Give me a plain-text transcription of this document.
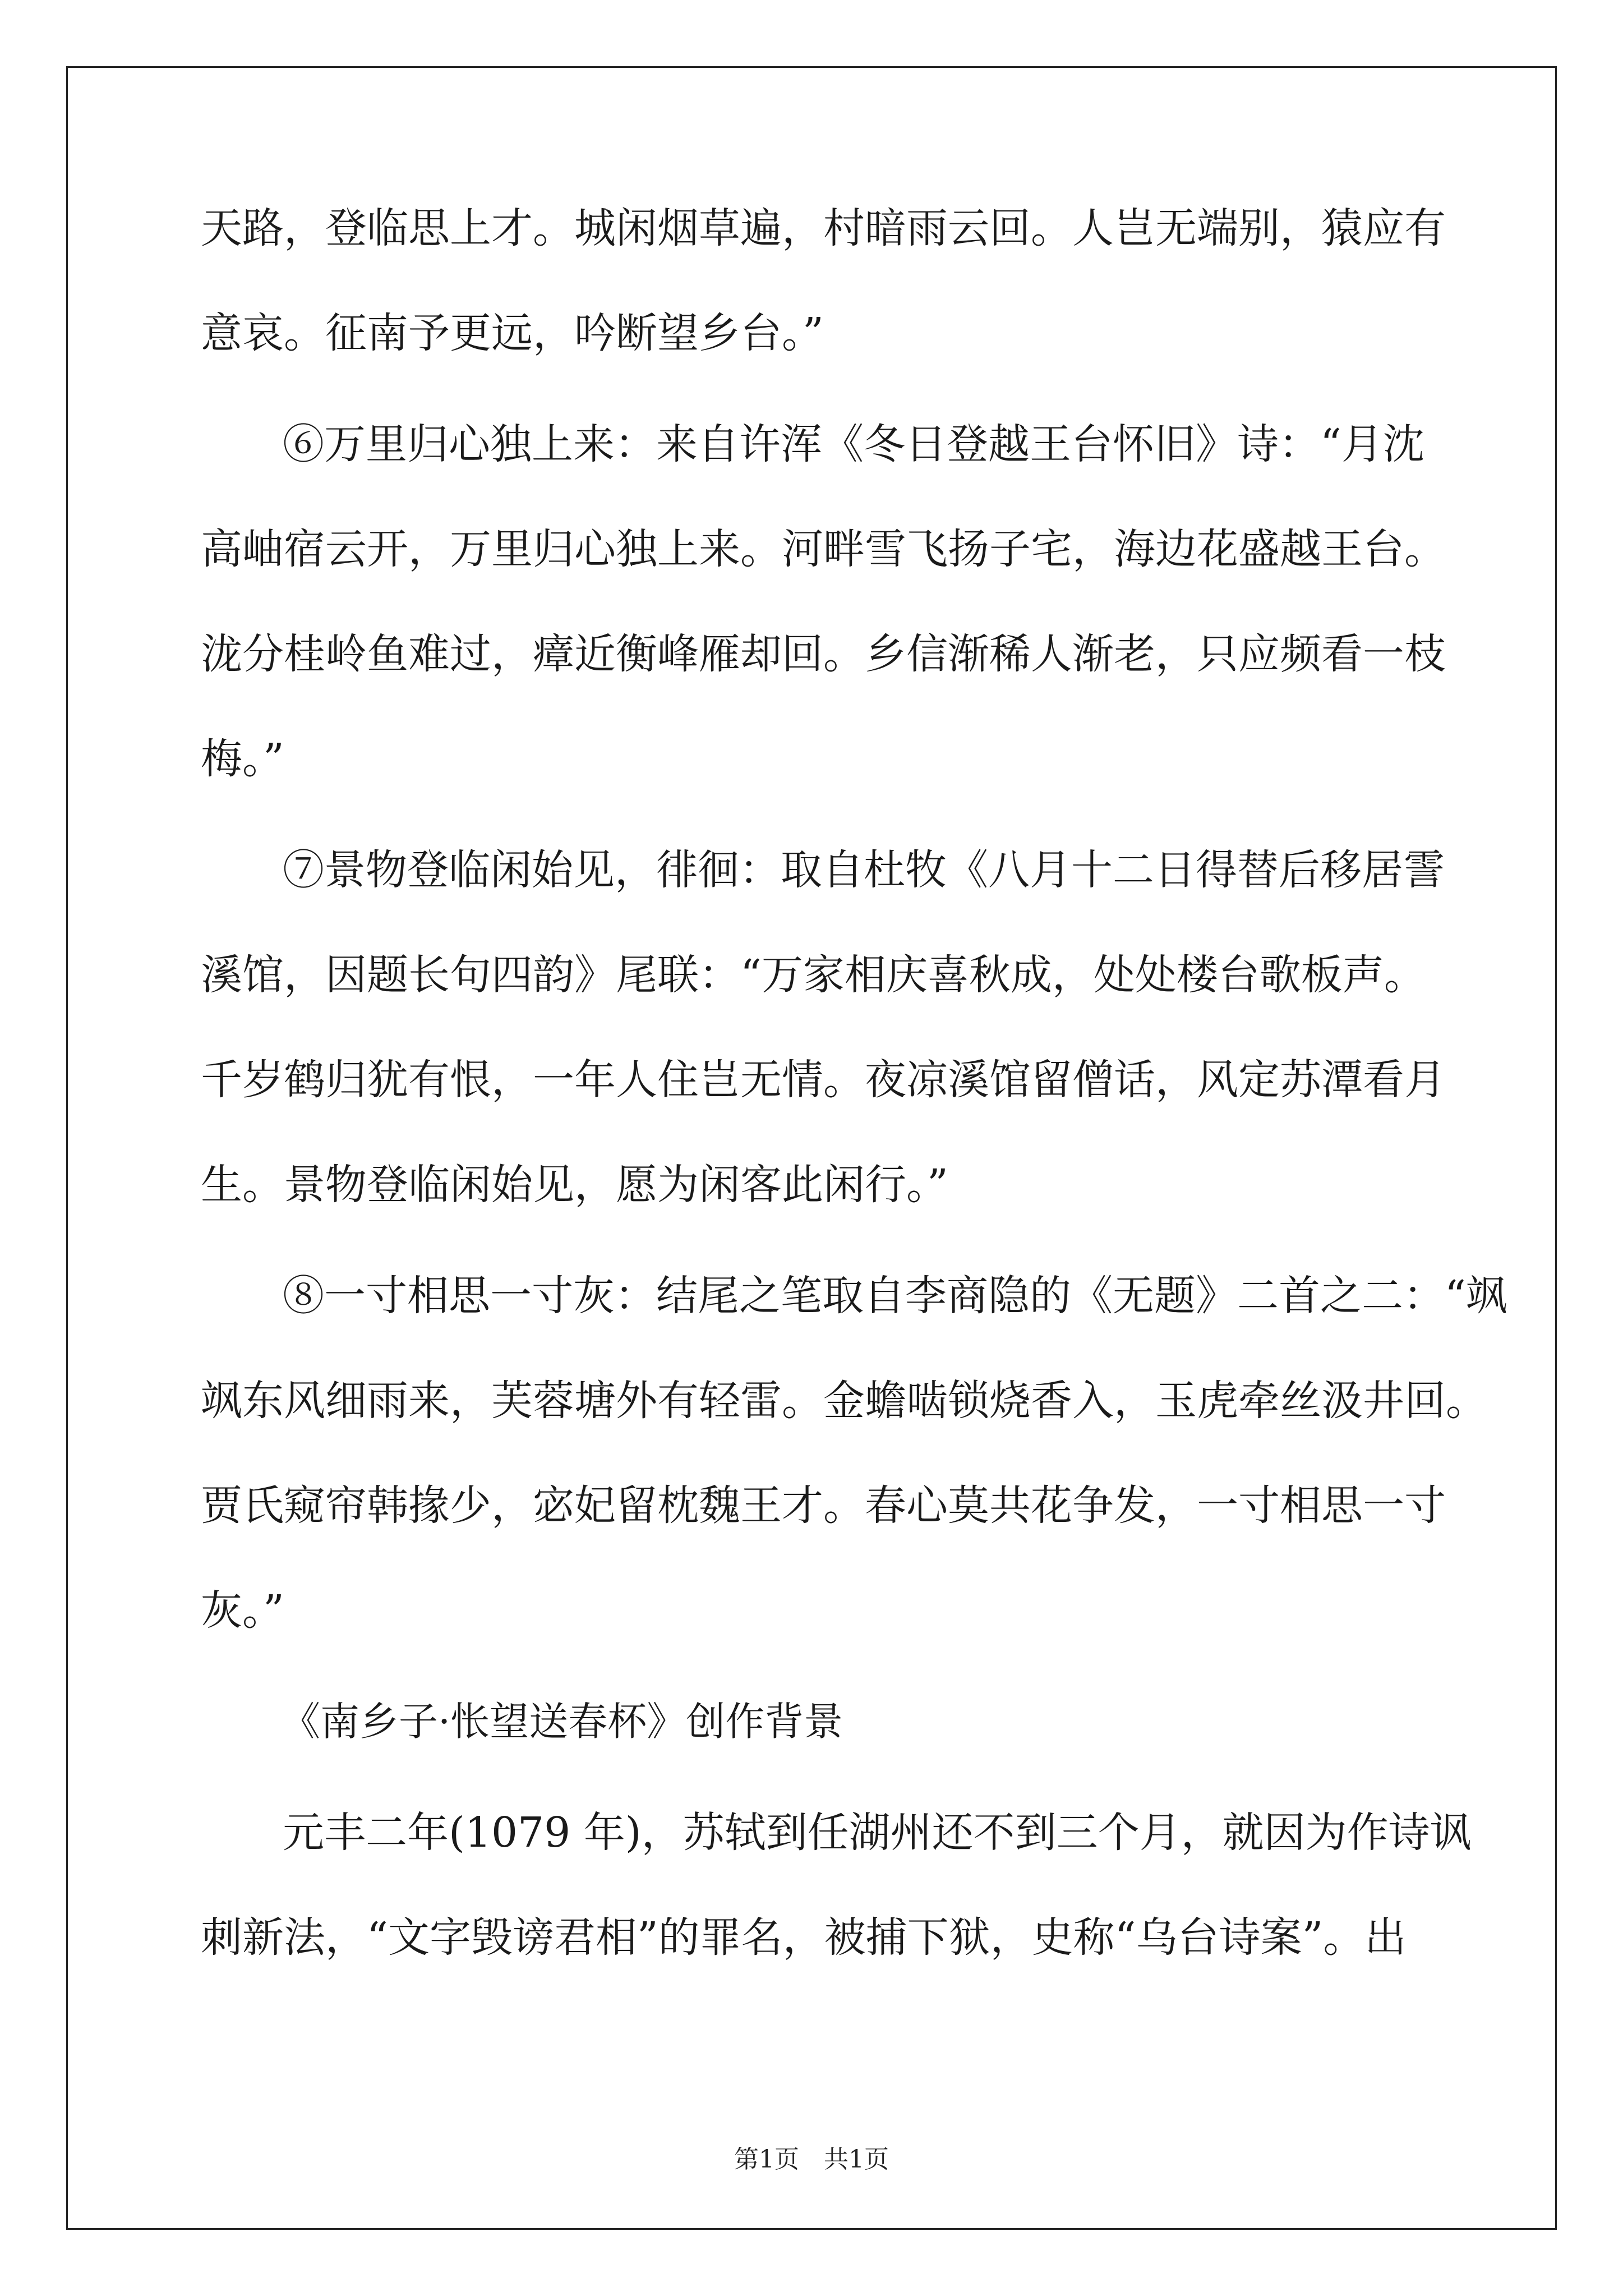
天路，登临思上才。城闲烟草遍，村暗雨云回。人岂无端别，猿应有
意哀。征南予更远，吟断望乡台。”
⑥万里归心独上来：来自许浑《冬日登越王台怀旧》诗：“月沈
高岫宿云开，万里归心独上来。河畔雪飞扬子宅，海边花盛越王台。
泷分桂岭鱼难过，瘴近衡峰雁却回。乡信渐稀人渐老，只应频看一枝
梅。”
⑦景物登临闲始见，徘徊：取自杜牧《八月十二日得替后移居霅
溪馆，因题长句四韵》尾联：“万家相庆喜秋成，处处楼台歌板声。
千岁鹤归犹有恨，一年人住岂无情。夜凉溪馆留僧话，风定苏潭看月
生。景物登临闲始见，愿为闲客此闲行。”
⑧一寸相思一寸灰：结尾之笔取自李商隐的《无题》二首之二：“飒
飒东风细雨来，芙蓉塘外有轻雷。金蟾啮锁烧香入，玉虎牵丝汲井回。
贾氏窥帘韩掾少，宓妃留枕魏王才。春心莫共花争发，一寸相思一寸
灰。”
《南乡子·怅望送春杯》创作背景
元丰二年(1079 年)，苏轼到任湖州还不到三个月，就因为作诗讽
刺新法，“文字毁谤君相”的罪名，被捕下狱，史称“乌台诗案”。出
第1页　共1页
